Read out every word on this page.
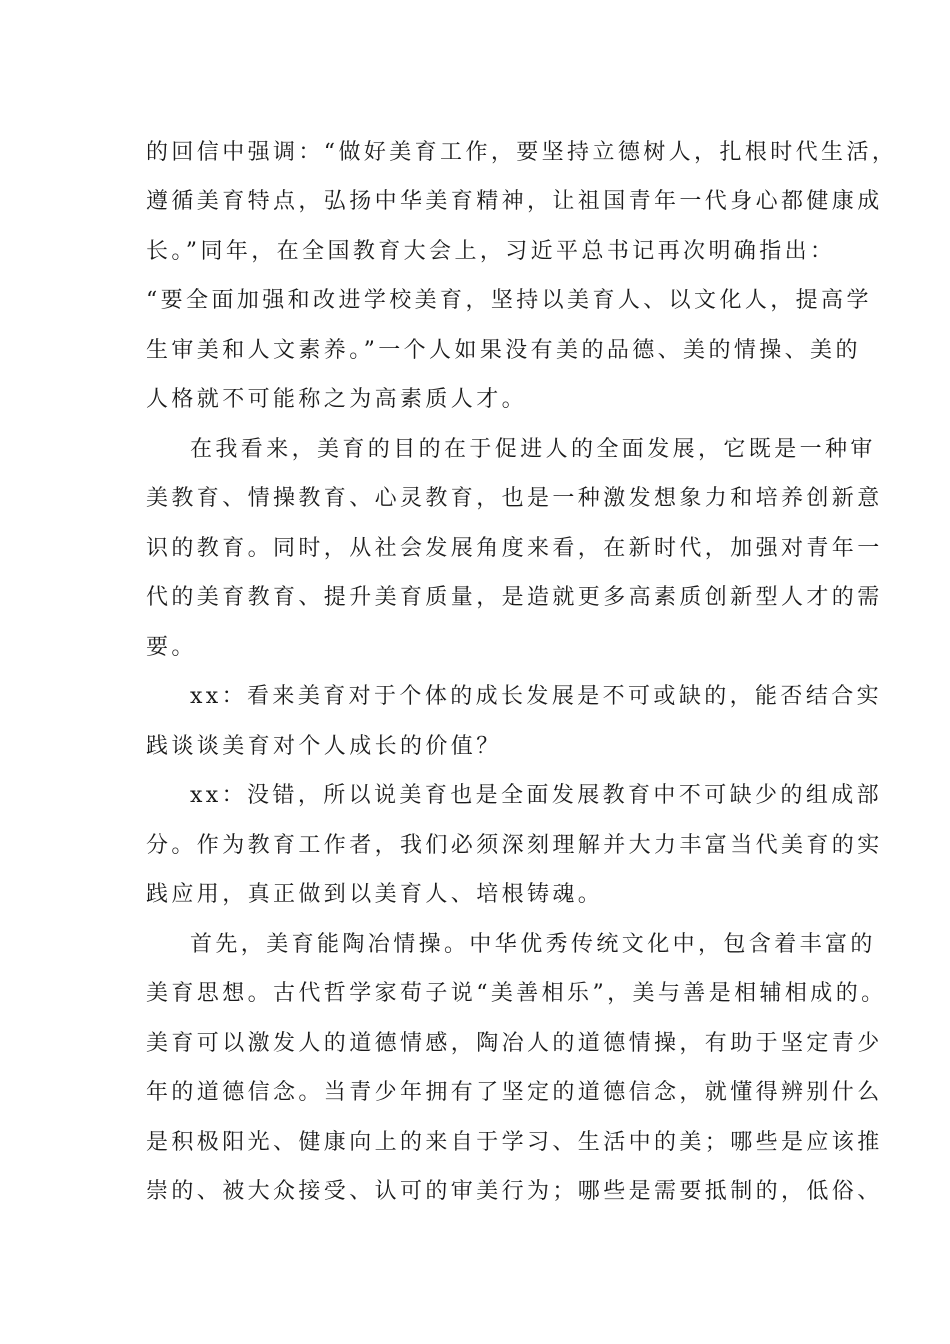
的回信中强调：“做好美育工作，要坚持立德树人，扎根时代生活，
遵循美育特点，弘扬中华美育精神，让祖国青年一代身心都健康成
长。”同年，在全国教育大会上，习近平总书记再次明确指出：
“要全面加强和改进学校美育，坚持以美育人、以文化人，提高学
生审美和人文素养。”一个人如果没有美的品德、美的情操、美的
人格就不可能称之为高素质人才。
在我看来，美育的目的在于促进人的全面发展，它既是一种审
美教育、情操教育、心灵教育，也是一种激发想象力和培养创新意
识的教育。同时，从社会发展角度来看，在新时代，加强对青年一
代的美育教育、提升美育质量，是造就更多高素质创新型人才的需
要。
xx：看来美育对于个体的成长发展是不可或缺的，能否结合实
践谈谈美育对个人成长的价值？
xx：没错，所以说美育也是全面发展教育中不可缺少的组成部
分。作为教育工作者，我们必须深刻理解并大力丰富当代美育的实
践应用，真正做到以美育人、培根铸魂。
首先，美育能陶冶情操。中华优秀传统文化中，包含着丰富的
美育思想。古代哲学家荀子说“美善相乐”，美与善是相辅相成的。
美育可以激发人的道德情感，陶冶人的道德情操，有助于坚定青少
年的道德信念。当青少年拥有了坚定的道德信念，就懂得辨别什么
是积极阳光、健康向上的来自于学习、生活中的美；哪些是应该推
崇的、被大众接受、认可的审美行为；哪些是需要抵制的，低俗、
